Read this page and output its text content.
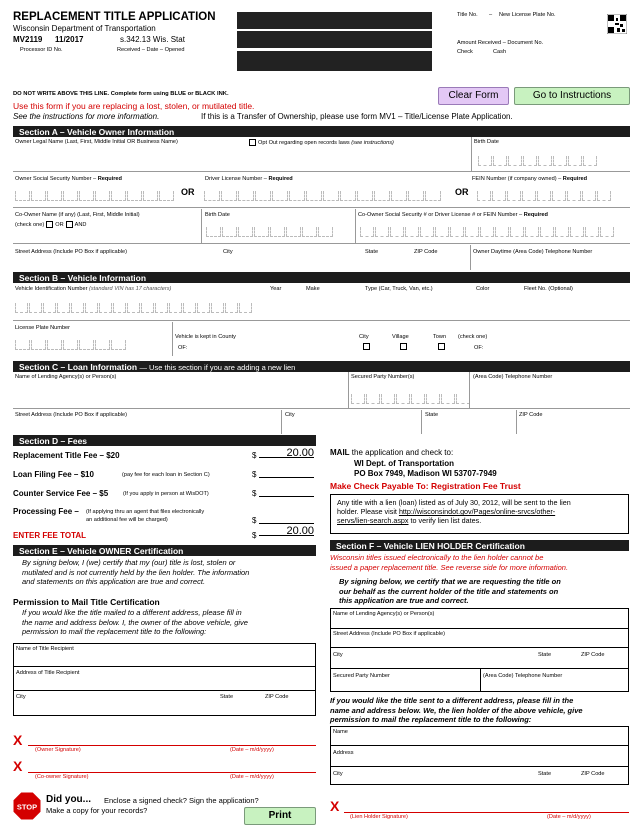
REPLACEMENT TITLE APPLICATION
Wisconsin Department of Transportation
MV2119 11/2017	s.342.13 Wis. Stat
Processor ID No.	Received – Date – Opened
Title No. – New License Plate No.
Amount Received – Document No.
Check	Cash
DO NOT WRITE ABOVE THIS LINE. Complete form using BLUE or BLACK INK.
Use this form if you are replacing a lost, stolen, or mutilated title.
See the instructions for more information.	If this is a Transfer of Ownership, please use form MV1 – Title/License Plate Application.
Clear Form	Go to Instructions
Section A – Vehicle Owner Information
Owner Legal Name (Last, First, Middle Initial OR Business Name)	Opt Out regarding open records laws (see instructions)	Birth Date
Owner Social Security Number – Required	Driver License Number – Required	FEIN Number (if company owned) – Required
OR	OR
Co-Owner Name (if any) (Last, First, Middle Initial)
(check one) OR AND
Birth Date	Co-Owner Social Security # or Driver License # or FEIN Number – Required
Street Address (Include PO Box if applicable)	City	State	ZIP Code	Owner Daytime (Area Code) Telephone Number
Section B – Vehicle Information
Vehicle Identification Number (standard VIN has 17 characters)	Year	Make	Type (Car, Truck, Van, etc.)	Color	Fleet No. (Optional)
License Plate Number
Vehicle is kept in County
OF:
City	Village	Town (check one)
OF:
Section C – Loan Information — Use this section if you are adding a new lien
Name of Lending Agency(s) or Person(s)	Secured Party Number(s)	(Area Code) Telephone Number
Street Address (Include PO Box if applicable)	City	State	ZIP Code
Section D – Fees
Replacement Title Fee – $20	$	20.00
Loan Filing Fee – $10	(pay fee for each loan in Section C)	$
Counter Service Fee – $5	(If you apply in person at WisDOT)	$
Processing Fee – (If applying thru an agent that files electronically
an additional fee will be charged)	$
ENTER FEE TOTAL	$	20.00
MAIL the application and check to:
WI Dept. of Transportation
PO Box 7949, Madison WI 53707-7949
Make Check Payable To: Registration Fee Trust
Any title with a lien (loan) listed as of July 30, 2012, will be sent to the lien
holder. Please visit http://wisconsindot.gov/Pages/online-srvcs/other-
servs/lien-search.aspx to verify lien list dates.
Section E – Vehicle OWNER Certification
By signing below, I (we) certify that my (our) title is lost, stolen or
mutilated and is not currently held by the lien holder. The information
and statements on this application are true and correct.
Permission to Mail Title Certification
If you would like the title mailed to a different address, please fill in
the name and address below. I, the owner of the above vehicle, give
permission to mail the replacement title to the following:
Name of Title Recipient
Address of Title Recipient
City	State	ZIP Code
X
(Owner Signature)	(Date – m/d/yyyy)
X
(Co-owner Signature)	(Date – m/d/yyyy)
STOP
Did you... Enclose a signed check? Sign the application?
Make a copy for your records?	Print
Section F – Vehicle LIEN HOLDER Certification
Wisconsin titles issued electronically to the lien holder cannot be
issued a paper replacement title. See reverse side for more information.
By signing below, we certify that we are requesting the title on
our behalf as the current holder of the title and statements on
this application are true and correct.
Name of Lending Agency(s) or Person(s)
Street Address (Include PO Box if applicable)
City	State	ZIP Code
Secured Party Number	(Area Code) Telephone Number
If you would like the title sent to a different address, please fill in the
name and address below. We, the lien holder of the above vehicle, give
permission to mail the replacement title to the following:
Name
Address
City	State	ZIP Code
X
(Lien Holder Signature)	(Date – m/d/yyyy)
